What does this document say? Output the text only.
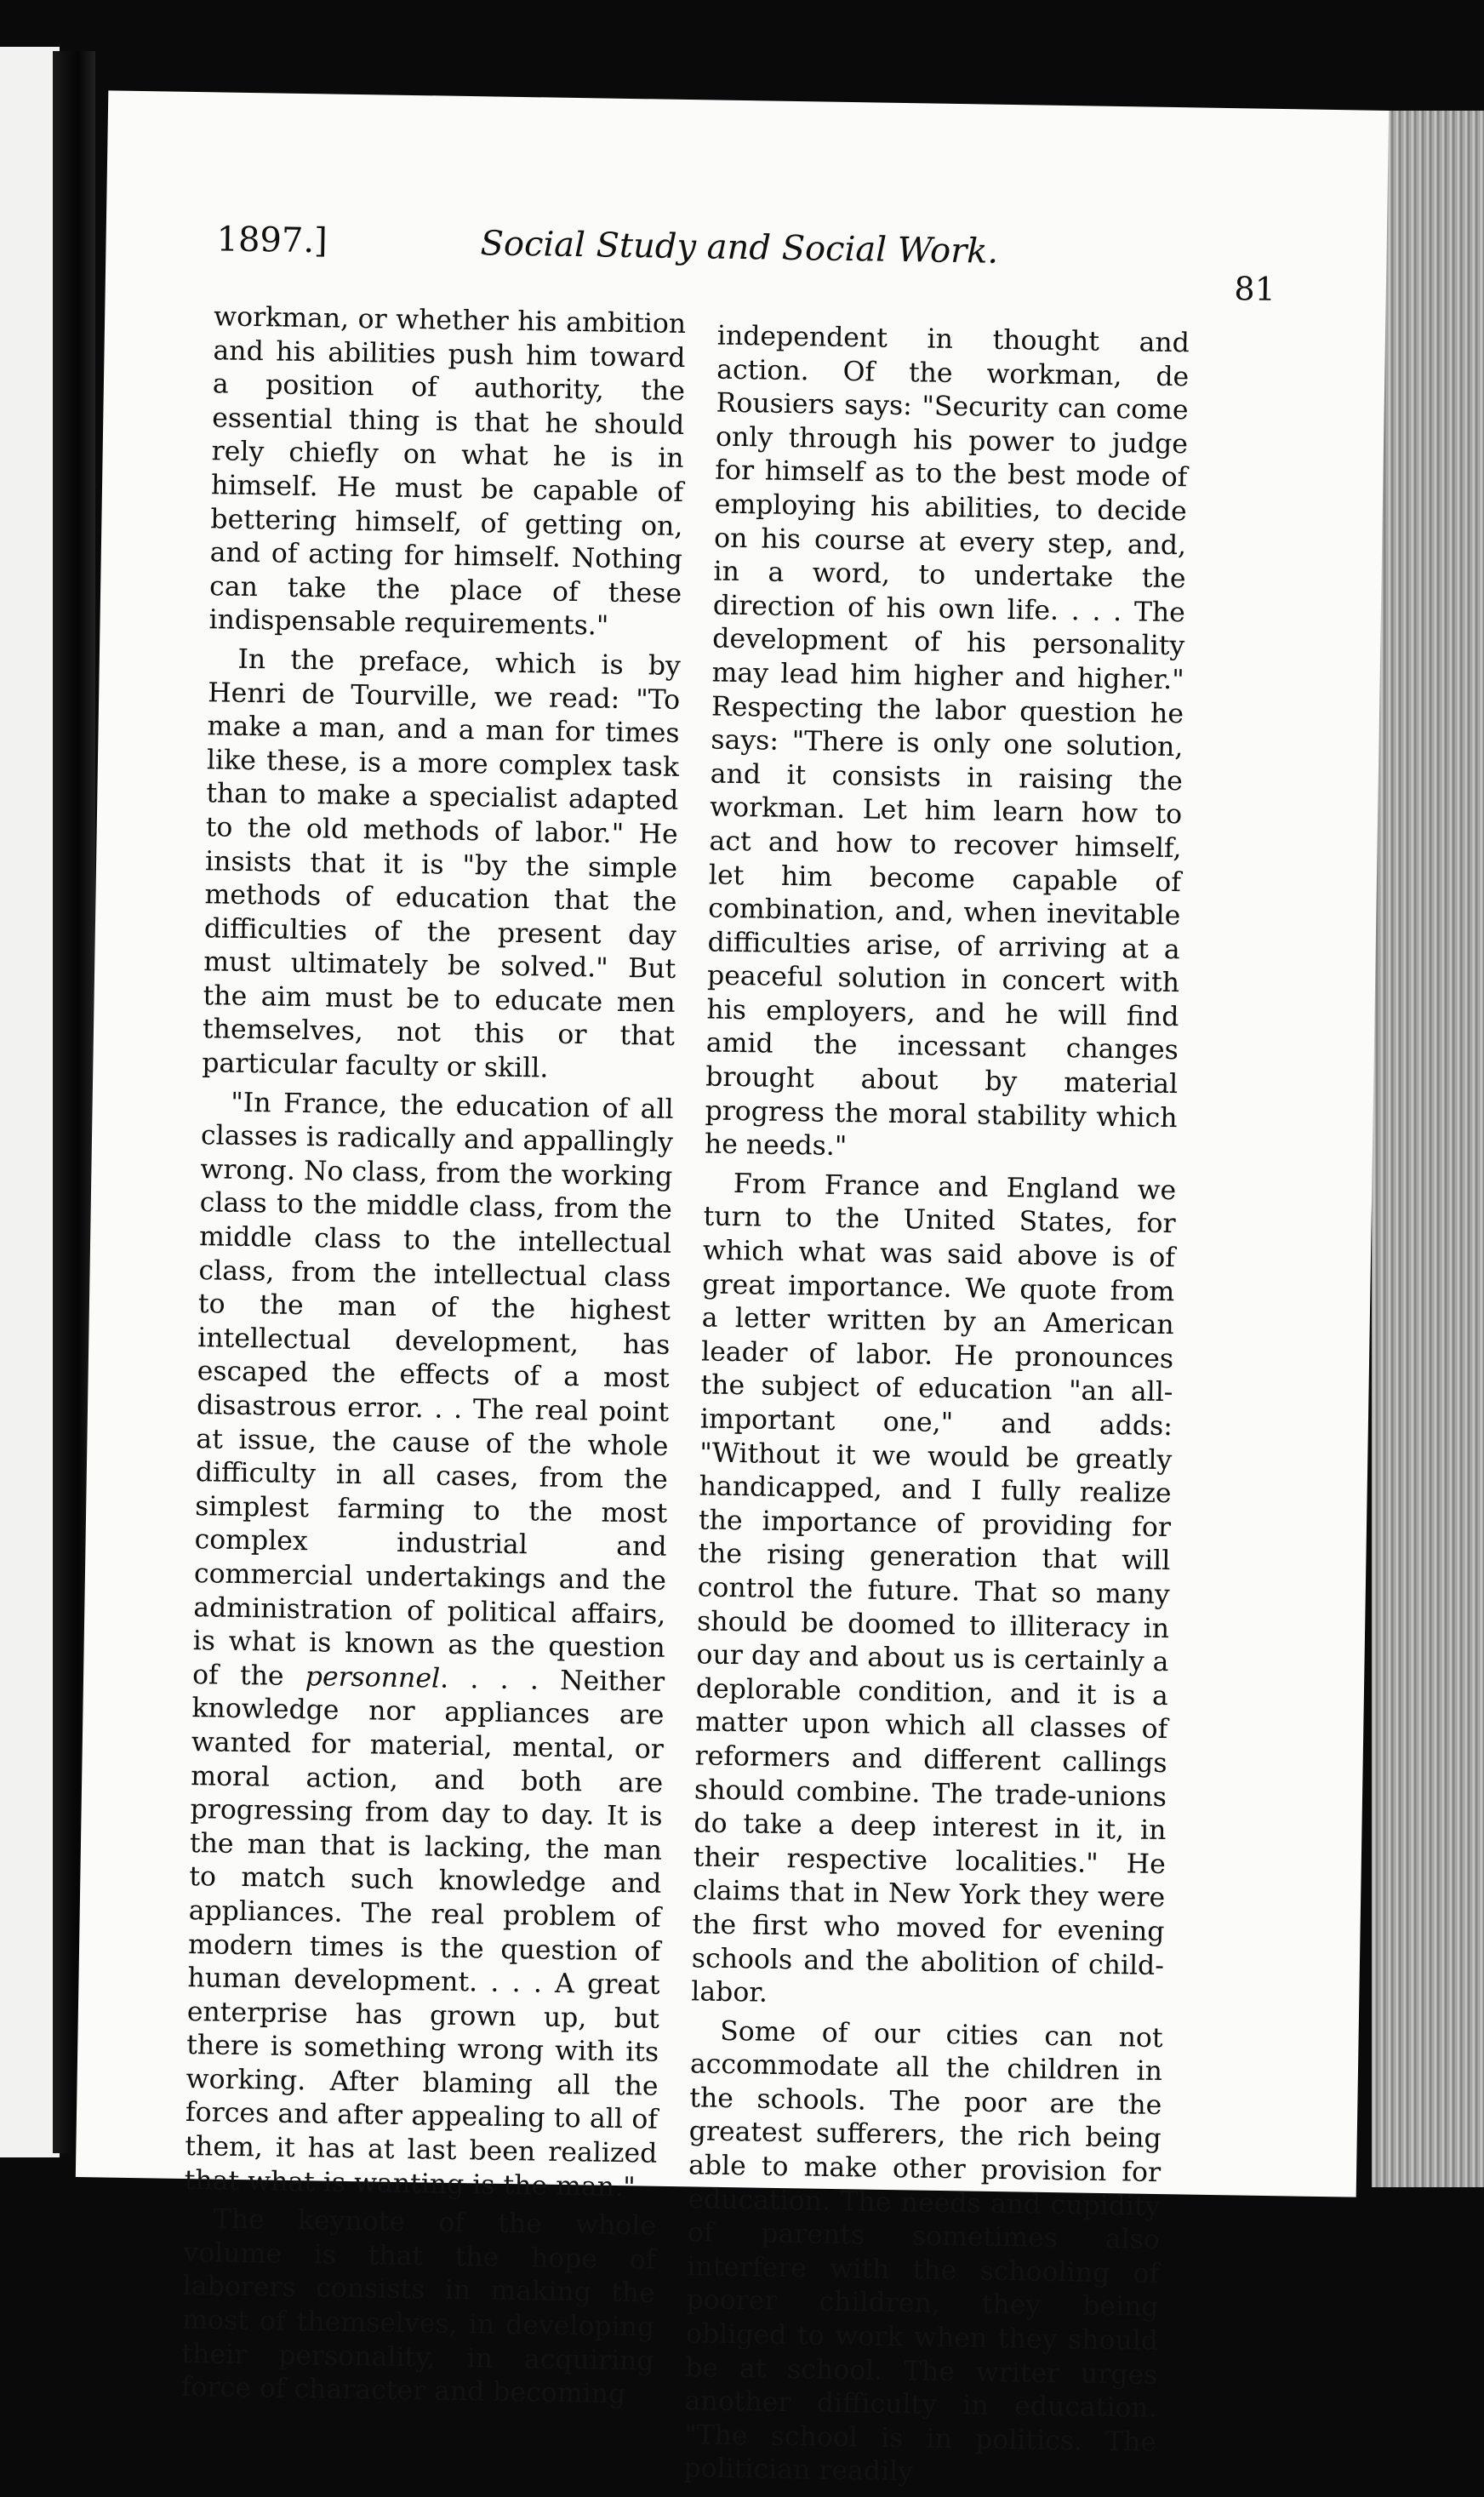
1897.]	Social Study and Social Work.
81

workman, or whether his ambition and his abilities push him toward a position of authority, the essential thing is that he should rely chiefly on what he is in himself. He must be capable of bettering himself, of getting on, and of acting for himself. Nothing can take the place of these indispensable requirements."

In the preface, which is by Henri de Tourville, we read: "To make a man, and a man for times like these, is a more complex task than to make a specialist adapted to the old methods of labor." He insists that it is "by the simple methods of education that the difficulties of the present day must ultimately be solved." But the aim must be to educate men themselves, not this or that particular faculty or skill.

"In France, the education of all classes is radically and appallingly wrong. No class, from the working class to the middle class, from the middle class to the intellectual class, from the intellectual class to the man of the highest intellectual development, has escaped the effects of a most disastrous error. . . The real point at issue, the cause of the whole difficulty in all cases, from the simplest farming to the most complex industrial and commercial undertakings and the administration of political affairs, is what is known as the question of the personnel. . . . Neither knowledge nor appliances are wanted for material, mental, or moral action, and both are progressing from day to day. It is the man that is lacking, the man to match such knowledge and appliances. The real problem of modern times is the question of human development. . . . A great enterprise has grown up, but there is something wrong with its working. After blaming all the forces and after appealing to all of them, it has at last been realized that what is wanting is the man."

The keynote of the whole volume is that the hope of laborers consists in making the most of themselves, in developing their personality, in acquiring force of character and becoming

independent in thought and action. Of the workman, de Rousiers says: "Security can come only through his power to judge for himself as to the best mode of employing his abilities, to decide on his course at every step, and, in a word, to undertake the direction of his own life. . . . The development of his personality may lead him higher and higher." Respecting the labor question he says: "There is only one solution, and it consists in raising the workman. Let him learn how to act and how to recover himself, let him become capable of combination, and, when inevitable difficulties arise, of arriving at a peaceful solution in concert with his employers, and he will find amid the incessant changes brought about by material progress the moral stability which he needs."

From France and England we turn to the United States, for which what was said above is of great importance. We quote from a letter written by an American leader of labor. He pronounces the subject of education "an all-important one," and adds: "Without it we would be greatly handicapped, and I fully realize the importance of providing for the rising generation that will control the future. That so many should be doomed to illiteracy in our day and about us is certainly a deplorable condition, and it is a matter upon which all classes of reformers and different callings should combine. The trade-unions do take a deep interest in it, in their respective localities." He claims that in New York they were the first who moved for evening schools and the abolition of child-labor.

Some of our cities can not accommodate all the children in the schools. The poor are the greatest sufferers, the rich being able to make other provision for education. The needs and cupidity of parents sometimes also interfere with the schooling of poorer children, they being obliged to work when they should be at school. The writer urges another difficulty in education. "The school is in politics. The politician readily
